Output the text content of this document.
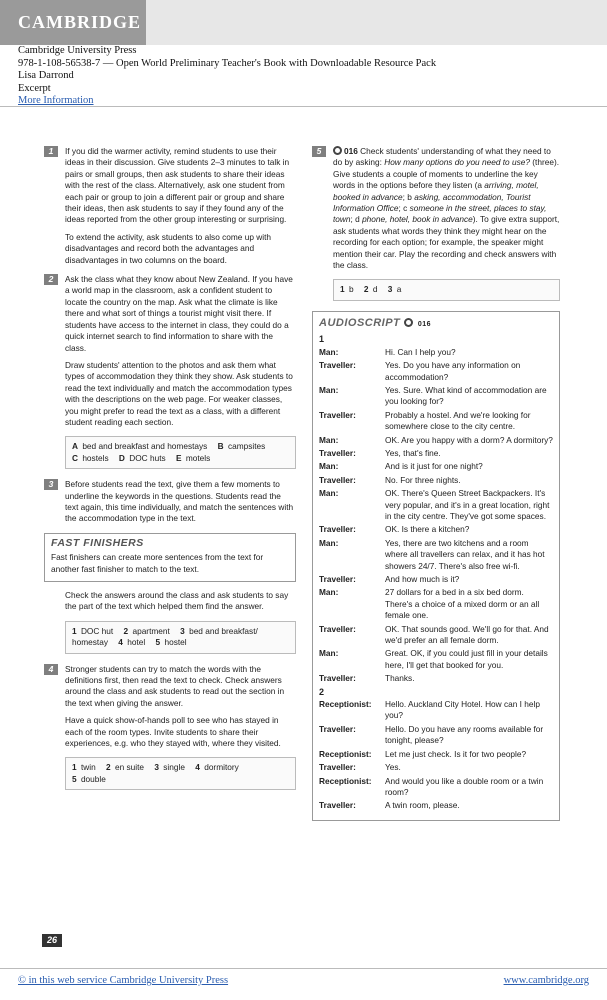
CAMBRIDGE
Cambridge University Press
978-1-108-56538-7 — Open World Preliminary Teacher's Book with Downloadable Resource Pack
Lisa Darrond
Excerpt
More Information
1	If you did the warmer activity, remind students to use their ideas in their discussion. Give students 2–3 minutes to talk in pairs or small groups, then ask students to share their ideas with the rest of the class. Alternatively, ask one student from each pair or group to join a different pair or group and share their ideas, then ask students to say if they found any of the ideas reported from the other group interesting or surprising.
To extend the activity, ask students to also come up with disadvantages and record both the advantages and disadvantages in two columns on the board.
2	Ask the class what they know about New Zealand. If you have a world map in the classroom, ask a confident student to locate the country on the map. Ask what the climate is like there and what sort of things a tourist might visit there. If students have access to the internet in class, they could do a quick internet search to find information to share with the class.
Draw students' attention to the photos and ask them what types of accommodation they think they show. Ask students to read the text individually and match the accommodation types with the descriptions on the web page. For weaker classes, you might prefer to read the text as a class, with a different student reading each section.
A bed and breakfast and homestays B campsites
C hostels D DOC huts E motels
3	Before students read the text, give them a few moments to underline the keywords in the questions. Students read the text again, this time individually, and match the sentences with the accommodation type in the text.
FAST FINISHERS
Fast finishers can create more sentences from the text for another fast finisher to match to the text.
Check the answers around the class and ask students to say the part of the text which helped them find the answer.
1 DOC hut 2 apartment 3 bed and breakfast/ homestay 4 hotel 5 hostel
4	Stronger students can try to match the words with the definitions first, then read the text to check. Check answers around the class and ask students to read out the section in the text when giving the answer.
Have a quick show-of-hands poll to see who has stayed in each of the room types. Invite students to share their experiences, e.g. who they stayed with, where they visited.
1 twin 2 en suite 3 single 4 dormitory
5 double
5	016 Check students' understanding of what they need to do by asking: How many options do you need to use? (three). Give students a couple of moments to underline the key words in the options before they listen (a arriving, motel, booked in advance; b asking, accommodation, Tourist Information Office; c someone in the street, places to stay, town; d phone, hotel, book in advance). To give extra support, ask students what words they think they might hear on the recording for each option; for example, the speaker might mention their car. Play the recording and check answers with the class.
1 b 2 d 3 a
AUDIOSCRIPT	016
1
Man:	Hi. Can I help you?
Traveller:	Yes. Do you have any information on accommodation?
Man:	Yes. Sure. What kind of accommodation are you looking for?
Traveller:	Probably a hostel. And we're looking for somewhere close to the city centre.
Man:	OK. Are you happy with a dorm? A dormitory?
Traveller:	Yes, that's fine.
Man:	And is it just for one night?
Traveller:	No. For three nights.
Man:	OK. There's Queen Street Backpackers. It's very popular, and it's in a great location, right in the city centre. They've got some spaces.
Traveller:	OK. Is there a kitchen?
Man:	Yes, there are two kitchens and a room where all travellers can relax, and it has hot showers 24/7. There's also free wi-fi.
Traveller:	And how much is it?
Man:	27 dollars for a bed in a six bed dorm. There's a choice of a mixed dorm or an all female one.
Traveller:	OK. That sounds good. We'll go for that. And we'd prefer an all female dorm.
Man:	Great. OK, if you could just fill in your details here, I'll get that booked for you.
Traveller:	Thanks.
2
Receptionist:	Hello. Auckland City Hotel. How can I help you?
Traveller:	Hello. Do you have any rooms available for tonight, please?
Receptionist:	Let me just check. Is it for two people?
Traveller:	Yes.
Receptionist:	And would you like a double room or a twin room?
Traveller:	A twin room, please.
26
© in this web service Cambridge University Press	www.cambridge.org
